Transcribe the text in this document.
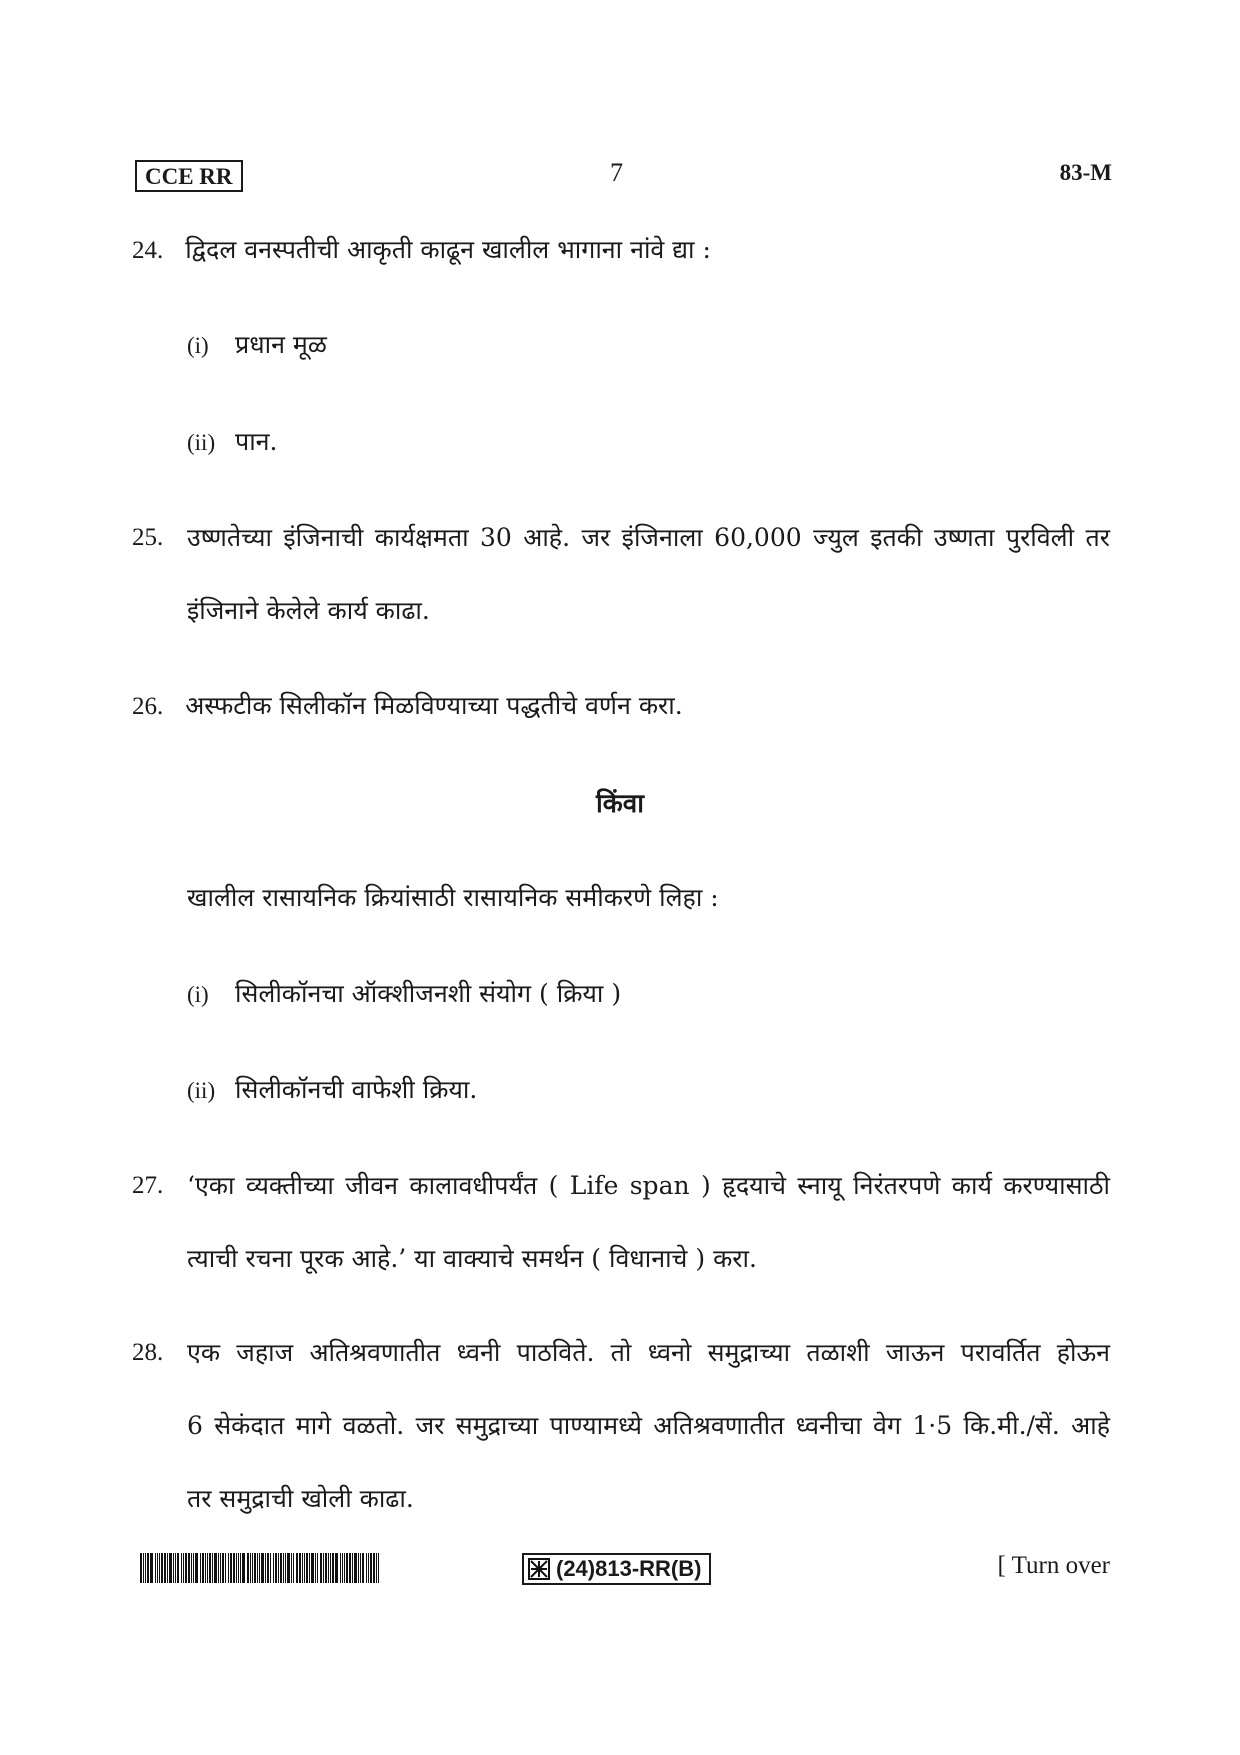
CCE RR	7	83-M
24. द्विदल वनस्पतीची आकृती काढून खालील भागाना नांवे द्या :
(i) प्रधान मूळ
(ii) पान.
25. उष्णतेच्या इंजिनाची कार्यक्षमता 30 आहे. जर इंजिनाला 60,000 ज्युल इतकी उष्णता पुरविली तर
इंजिनाने केलेले कार्य काढा.
26. अस्फटीक सिलीकॉन मिळविण्याच्या पद्धतीचे वर्णन करा.
किंवा
खालील रासायनिक क्रियांसाठी रासायनिक समीकरणे लिहा :
(i) सिलीकॉनचा ऑक्शीजनशी संयोग ( क्रिया )
(ii) सिलीकॉनची वाफेशी क्रिया.
27. ‘एका व्यक्तीच्या जीवन कालावधीपर्यंत ( Life span ) हृदयाचे स्नायू निरंतरपणे कार्य करण्यासाठी
त्याची रचना पूरक आहे.’ या वाक्याचे समर्थन ( विधानाचे ) करा.
28. एक जहाज अतिश्रवणातीत ध्वनी पाठविते. तो ध्वनो समुद्राच्या तळाशी जाऊन परावर्तित होऊन
6 सेकंदात मागे वळतो. जर समुद्राच्या पाण्यामध्ये अतिश्रवणातीत ध्वनीचा वेग 1·5 कि.मी./सें. आहे
तर समुद्राची खोली काढा.
(24)813-RR(B)	[ Turn over
